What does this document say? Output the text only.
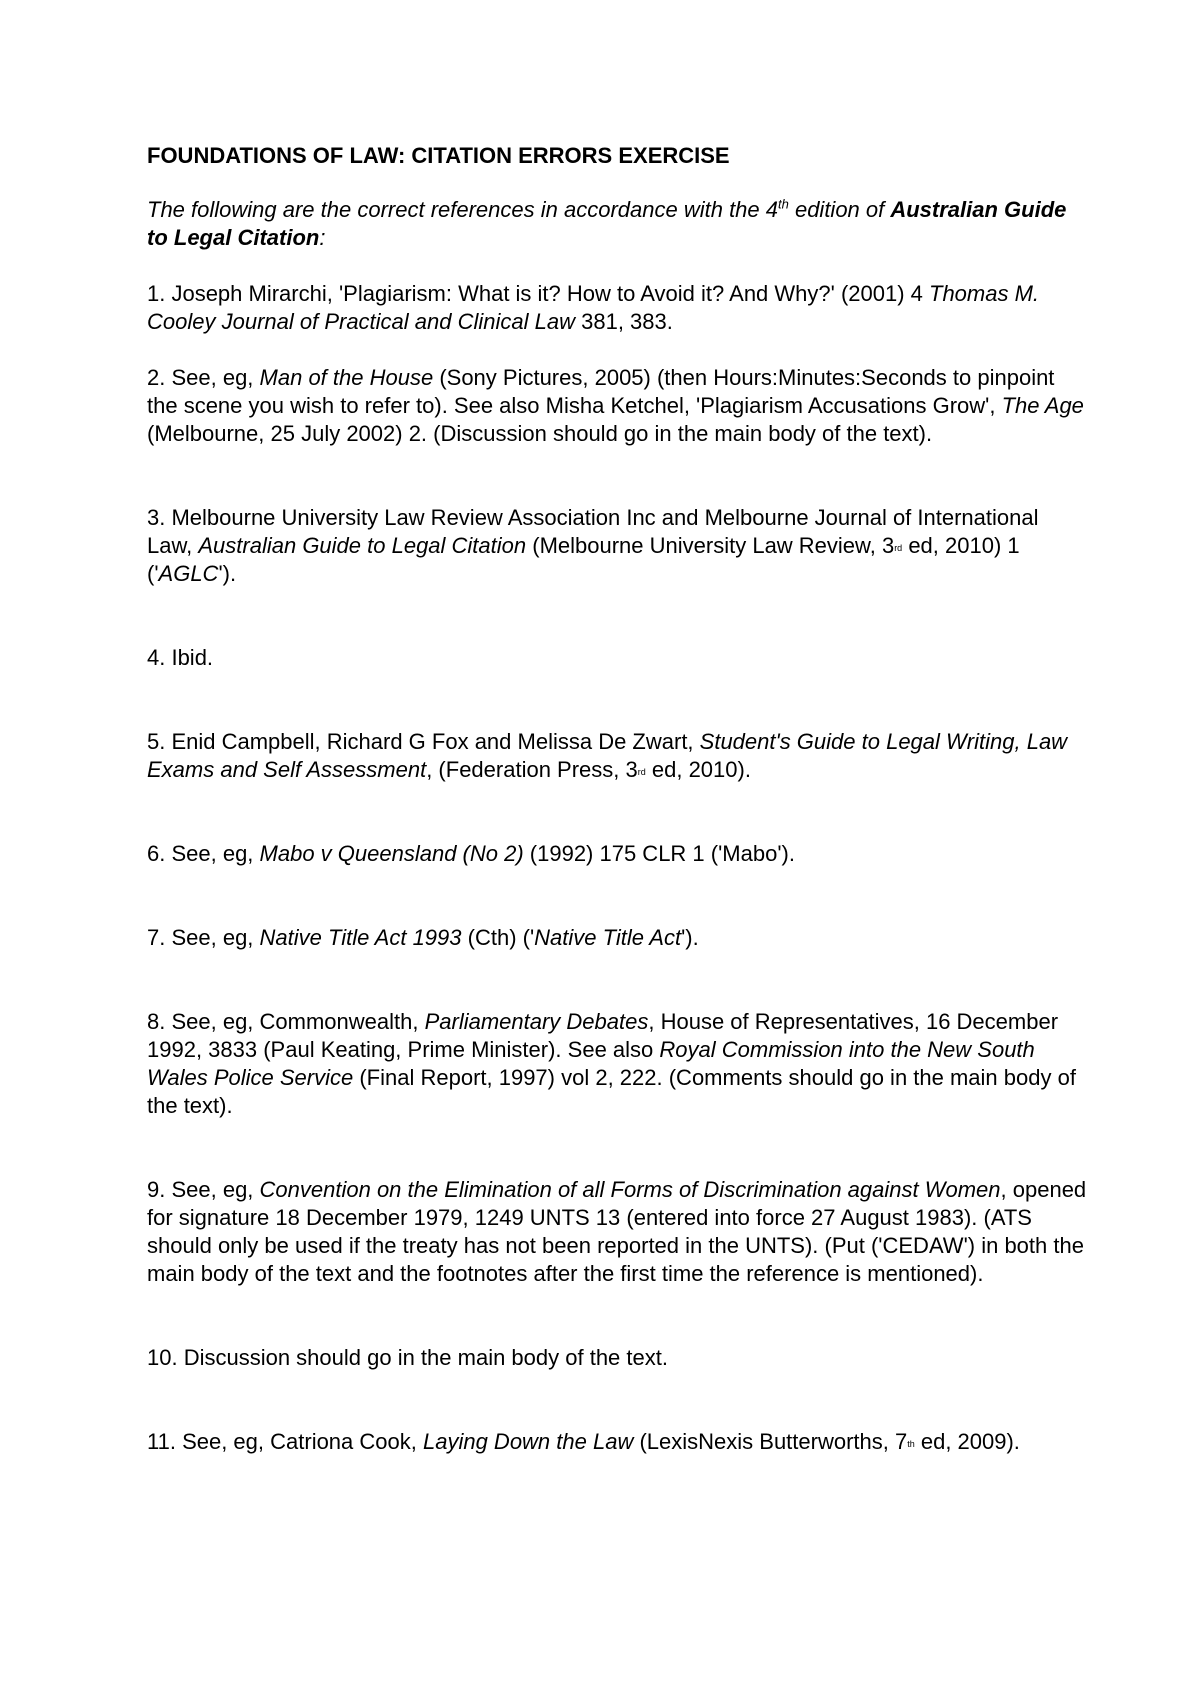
FOUNDATIONS OF LAW: CITATION ERRORS EXERCISE

The following are the correct references in accordance with the 4th edition of Australian Guide to Legal Citation:

1. Joseph Mirarchi, 'Plagiarism: What is it? How to Avoid it? And Why?' (2001) 4 Thomas M. Cooley Journal of Practical and Clinical Law 381, 383.

2. See, eg, Man of the House (Sony Pictures, 2005) (then Hours:Minutes:Seconds to pinpoint the scene you wish to refer to). See also Misha Ketchel, 'Plagiarism Accusations Grow', The Age (Melbourne, 25 July 2002) 2. (Discussion should go in the main body of the text).

3. Melbourne University Law Review Association Inc and Melbourne Journal of International Law, Australian Guide to Legal Citation (Melbourne University Law Review, 3rd ed, 2010) 1 ('AGLC').

4. Ibid.

5. Enid Campbell, Richard G Fox and Melissa De Zwart, Student's Guide to Legal Writing, Law Exams and Self Assessment, (Federation Press, 3rd ed, 2010).

6. See, eg, Mabo v Queensland (No 2) (1992) 175 CLR 1 ('Mabo').

7. See, eg, Native Title Act 1993 (Cth) ('Native Title Act').

8. See, eg, Commonwealth, Parliamentary Debates, House of Representatives, 16 December 1992, 3833 (Paul Keating, Prime Minister). See also Royal Commission into the New South Wales Police Service (Final Report, 1997) vol 2, 222. (Comments should go in the main body of the text).

9. See, eg, Convention on the Elimination of all Forms of Discrimination against Women, opened for signature 18 December 1979, 1249 UNTS 13 (entered into force 27 August 1983). (ATS should only be used if the treaty has not been reported in the UNTS). (Put ('CEDAW') in both the main body of the text and the footnotes after the first time the reference is mentioned).

10. Discussion should go in the main body of the text.

11. See, eg, Catriona Cook, Laying Down the Law (LexisNexis Butterworths, 7th ed, 2009).
